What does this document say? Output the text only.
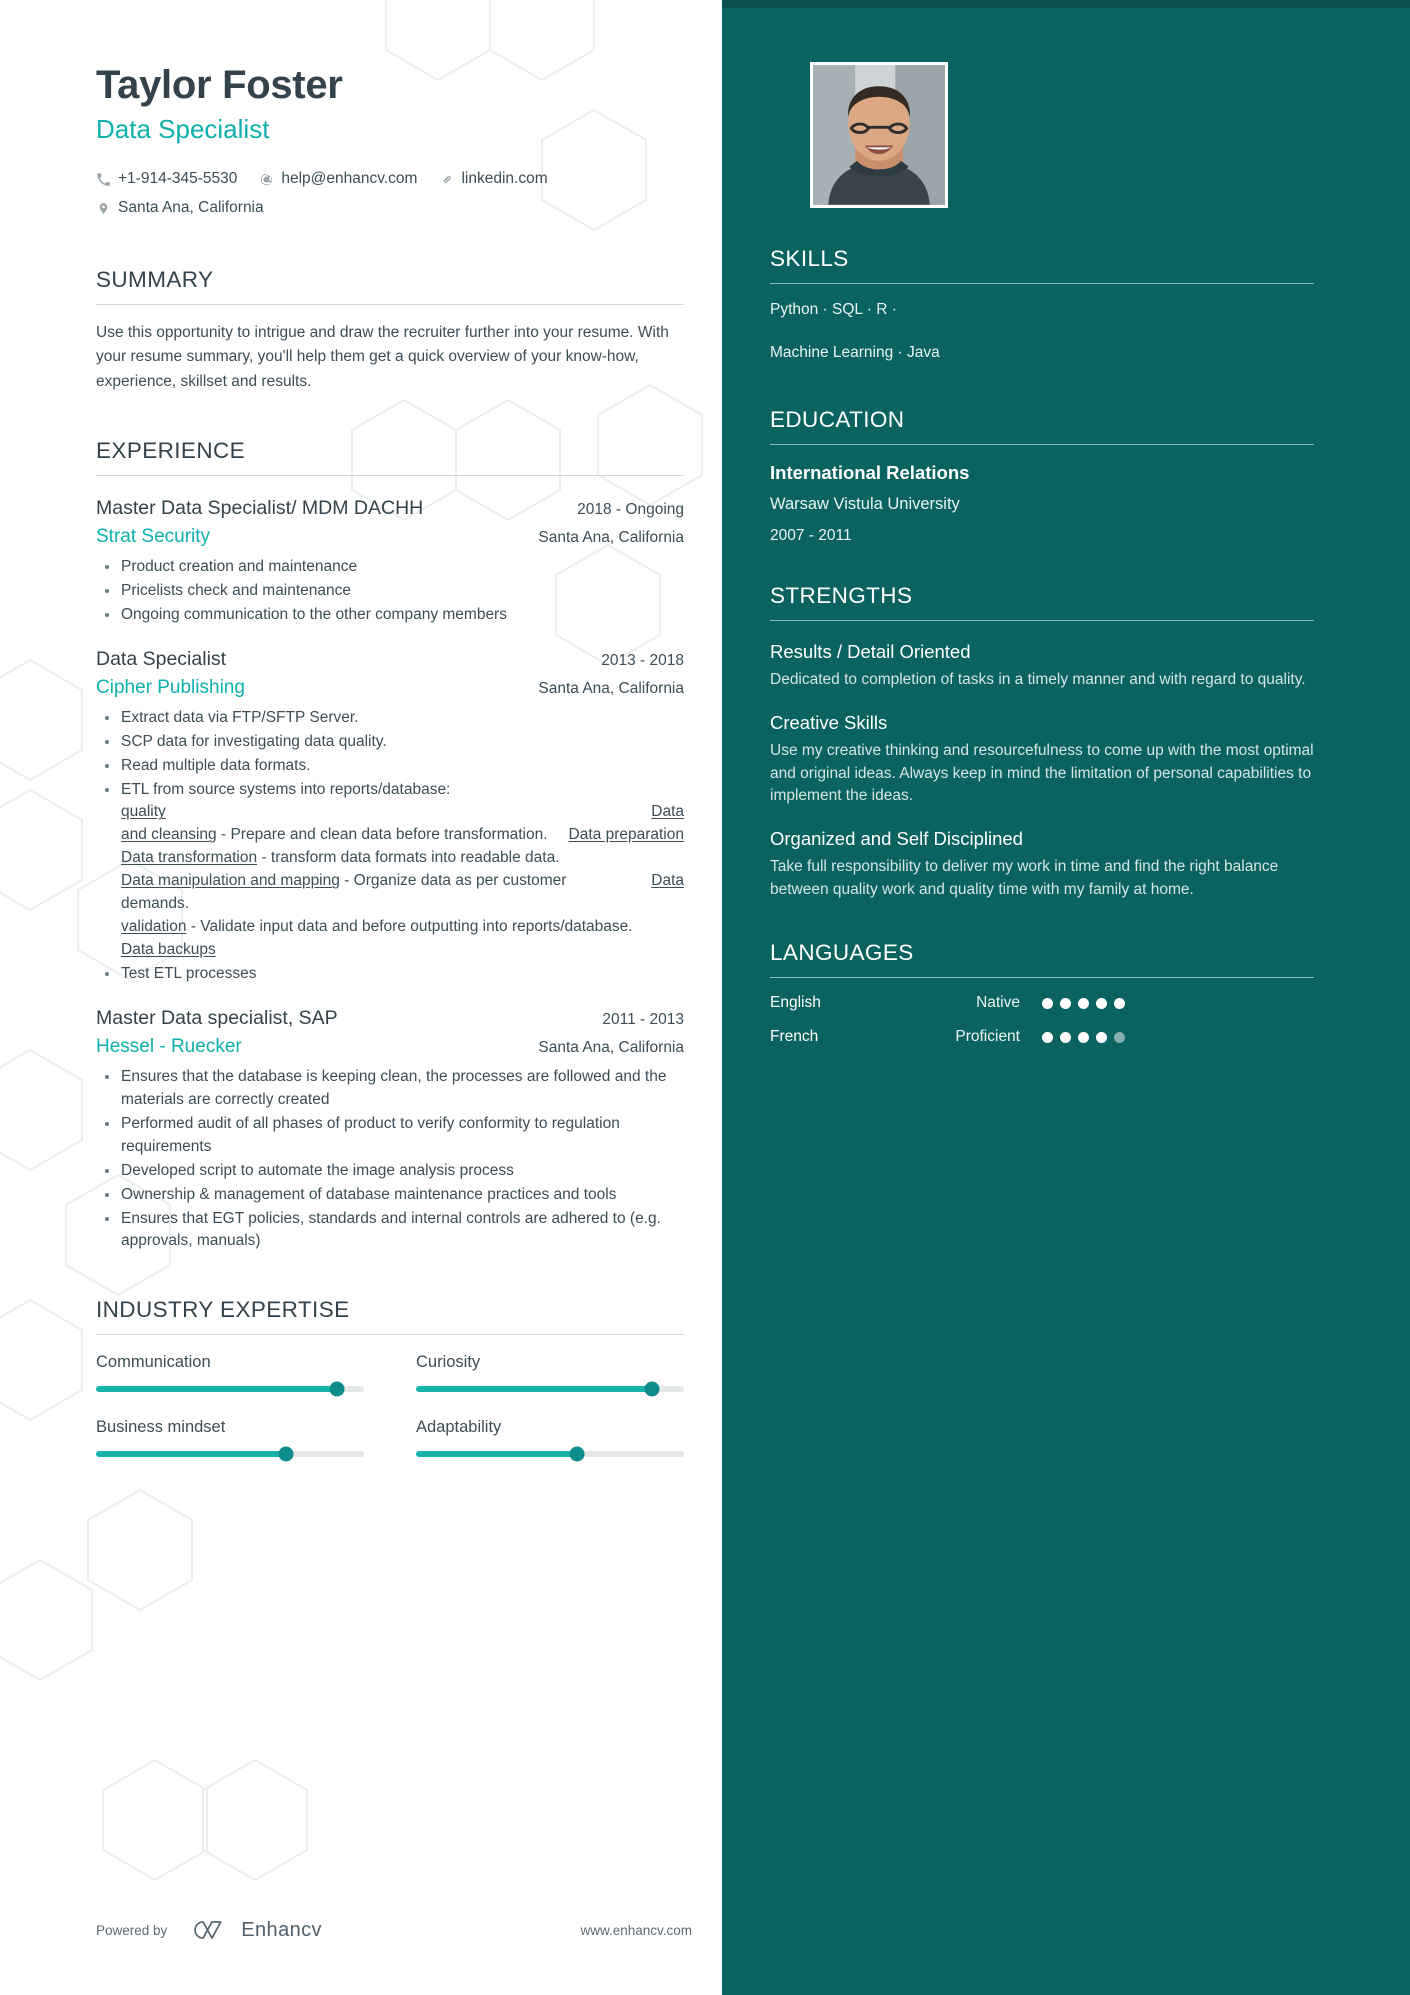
Taylor Foster
Data Specialist
+1-914-345-5530	help@enhancv.com	linkedin.com
Santa Ana, California
SUMMARY
Use this opportunity to intrigue and draw the recruiter further into your resume. With your resume summary, you'll help them get a quick overview of your know-how, experience, skillset and results.
EXPERIENCE
Master Data Specialist/ MDM DACHH	2018 - Ongoing
Strat Security	Santa Ana, California
Product creation and maintenance
Pricelists check and maintenance
Ongoing communication to the other company members
Data Specialist	2013 - 2018
Cipher Publishing	Santa Ana, California
Extract data via FTP/SFTP Server.
SCP data for investigating data quality.
Read multiple data formats.
ETL from source systems into reports/database:
quality	Data
and cleansing - Prepare and clean data before transformation. Data preparation
Data transformation - transform data formats into readable data.
Data manipulation and mapping - Organize data as per customer	Data
demands.
validation - Validate input data and before outputting into reports/database.
Data backups
Test ETL processes
Master Data specialist, SAP	2011 - 2013
Hessel - Ruecker	Santa Ana, California
Ensures that the database is keeping clean, the processes are followed and the materials are correctly created
Performed audit of all phases of product to verify conformity to regulation requirements
Developed script to automate the image analysis process
Ownership & management of database maintenance practices and tools
Ensures that EGT policies, standards and internal controls are adhered to (e.g. approvals, manuals)
INDUSTRY EXPERTISE
Communication	Curiosity
Business mindset	Adaptability
Powered by	Enhancv	www.enhancv.com
SKILLS
Python · SQL · R ·
Machine Learning · Java
EDUCATION
International Relations
Warsaw Vistula University
2007 - 2011
STRENGTHS
Results / Detail Oriented
Dedicated to completion of tasks in a timely manner and with regard to quality.
Creative Skills
Use my creative thinking and resourcefulness to come up with the most optimal and original ideas. Always keep in mind the limitation of personal capabilities to implement the ideas.
Organized and Self Disciplined
Take full responsibility to deliver my work in time and find the right balance between quality work and quality time with my family at home.
LANGUAGES
English	Native
French	Proficient
